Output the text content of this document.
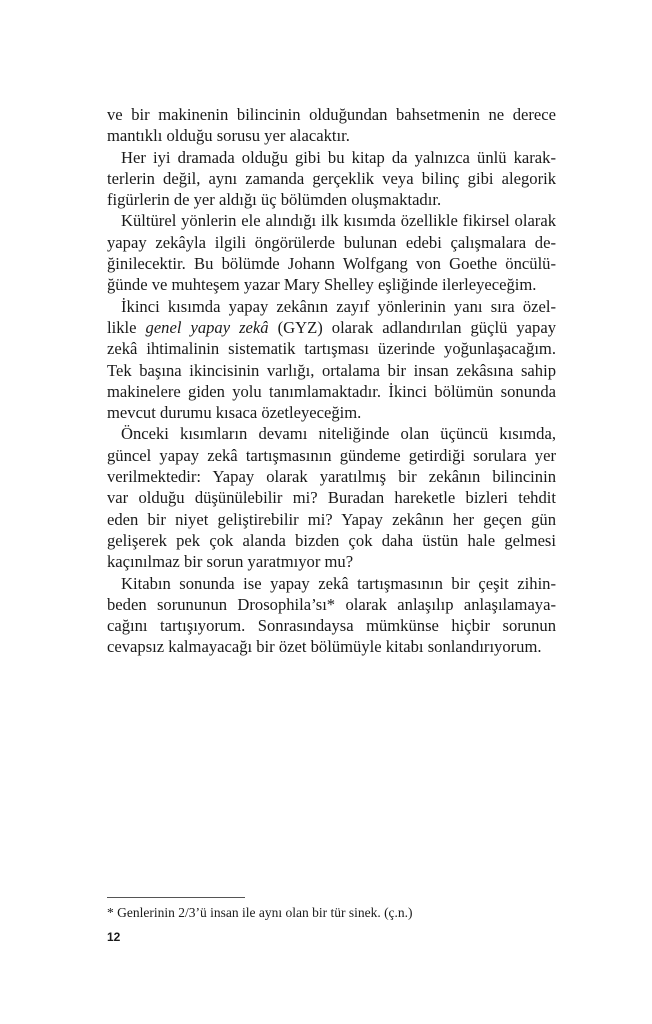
ve bir makinenin bilincinin olduğundan bahsetmenin ne derece
mantıklı olduğu sorusu yer alacaktır.
Her iyi dramada olduğu gibi bu kitap da yalnızca ünlü karak-
terlerin değil, aynı zamanda gerçeklik veya bilinç gibi alegorik
figürlerin de yer aldığı üç bölümden oluşmaktadır.
Kültürel yönlerin ele alındığı ilk kısımda özellikle fikirsel olarak
yapay zekâyla ilgili öngörülerde bulunan edebi çalışmalara de-
ğinilecektir. Bu bölümde Johann Wolfgang von Goethe öncülü-
ğünde ve muhteşem yazar Mary Shelley eşliğinde ilerleyeceğim.
İkinci kısımda yapay zekânın zayıf yönlerinin yanı sıra özel-
likle genel yapay zekâ (GYZ) olarak adlandırılan güçlü yapay
zekâ ihtimalinin sistematik tartışması üzerinde yoğunlaşacağım.
Tek başına ikincisinin varlığı, ortalama bir insan zekâsına sahip
makinelere giden yolu tanımlamaktadır. İkinci bölümün sonunda
mevcut durumu kısaca özetleyeceğim.
Önceki kısımların devamı niteliğinde olan üçüncü kısımda,
güncel yapay zekâ tartışmasının gündeme getirdiği sorulara yer
verilmektedir: Yapay olarak yaratılmış bir zekânın bilincinin
var olduğu düşünülebilir mi? Buradan hareketle bizleri tehdit
eden bir niyet geliştirebilir mi? Yapay zekânın her geçen gün
gelişerek pek çok alanda bizden çok daha üstün hale gelmesi
kaçınılmaz bir sorun yaratmıyor mu?
Kitabın sonunda ise yapay zekâ tartışmasının bir çeşit zihin-
beden sorununun Drosophila’sı* olarak anlaşılıp anlaşılamaya-
cağını tartışıyorum. Sonrasındaysa mümkünse hiçbir sorunun
cevapsız kalmayacağı bir özet bölümüyle kitabı sonlandırıyorum.
* Genlerinin 2/3’ü insan ile aynı olan bir tür sinek. (ç.n.)
12
